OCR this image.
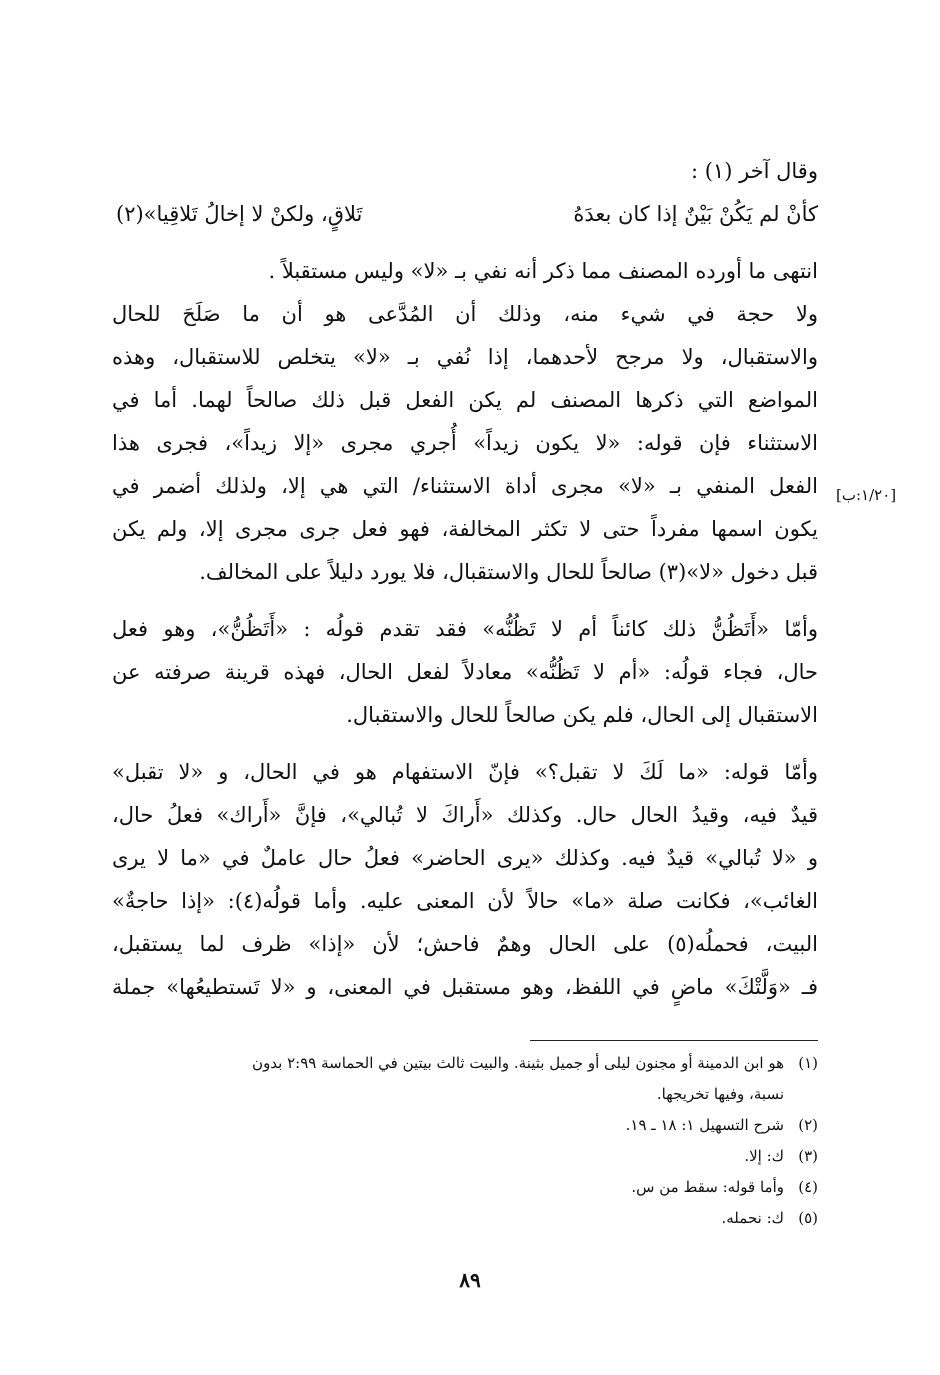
وقال آخر (١) :
كأنْ لم يَكُنْ بَيْنٌ إذا كان بعدَهُ
تَلاقٍ، ولكنْ لا إخالُ تَلاقِيا»(٢)
انتهى ما أورده المصنف مما ذكر أنه نفي بـ «لا» وليس مستقبلاً .
ولا حجة في شيء منه، وذلك أن المُدَّعى هو أن ما صَلَحَ للحال
والاستقبال، ولا مرجح لأحدهما، إذا نُفي بـ «لا» يتخلص للاستقبال، وهذه
المواضع التي ذكرها المصنف لم يكن الفعل قبل ذلك صالحاً لهما. أما في
الاستثناء فإن قوله: «لا يكون زيداً» أُجري مجرى «إلا زيداً»، فجرى هذا
الفعل المنفي بـ «لا» مجرى أداة الاستثناء/ التي هي إلا، ولذلك أضمر في
يكون اسمها مفرداً حتى لا تكثر المخالفة، فهو فعل جرى مجرى إلا، ولم يكن
قبل دخول «لا»(٣) صالحاً للحال والاستقبال، فلا يورد دليلاً على المخالف.
وأمّا «أَتَظُنُّ ذلك كائناً أم لا تَظُنُّه» فقد تقدم قولُه : «أَتَظُنُّ»، وهو فعل
حال، فجاء قولُه: «أم لا تَظُنُّه» معادلاً لفعل الحال، فهذه قرينة صرفته عن
الاستقبال إلى الحال، فلم يكن صالحاً للحال والاستقبال.
وأمّا قوله: «ما لَكَ لا تقبل؟» فإنّ الاستفهام هو في الحال، و «لا تقبل»
قيدٌ فيه، وقيدُ الحال حال. وكذلك «أَراكَ لا تُبالي»، فإنَّ «أَراك» فعلُ حال،
و «لا تُبالي» قيدٌ فيه. وكذلك «يرى الحاضر» فعلُ حال عاملٌ في «ما لا يرى
الغائب»، فكانت صلة «ما» حالاً لأن المعنى عليه. وأما قولُه(٤): «إذا حاجةٌ»
البيت، فحملُه(٥) على الحال وهمٌ فاحش؛ لأن «إذا» ظرف لما يستقبل،
فـ «وَلَّتْكَ» ماضٍ في اللفظ، وهو مستقبل في المعنى، و «لا تَستطيعُها» جملة
[١/٢٠:ب]
(١)
هو ابن الدمينة أو مجنون ليلى أو جميل بثينة. والبيت ثالث بيتين في الحماسة ٢:٩٩ بدون
نسبة، وفيها تخريجها.
(٢)
شرح التسهيل ١: ١٨ ـ ١٩.
(٣)
ك: إلا.
(٤)
وأما قوله: سقط من س.
(٥)
ك: نحمله.
٨٩
